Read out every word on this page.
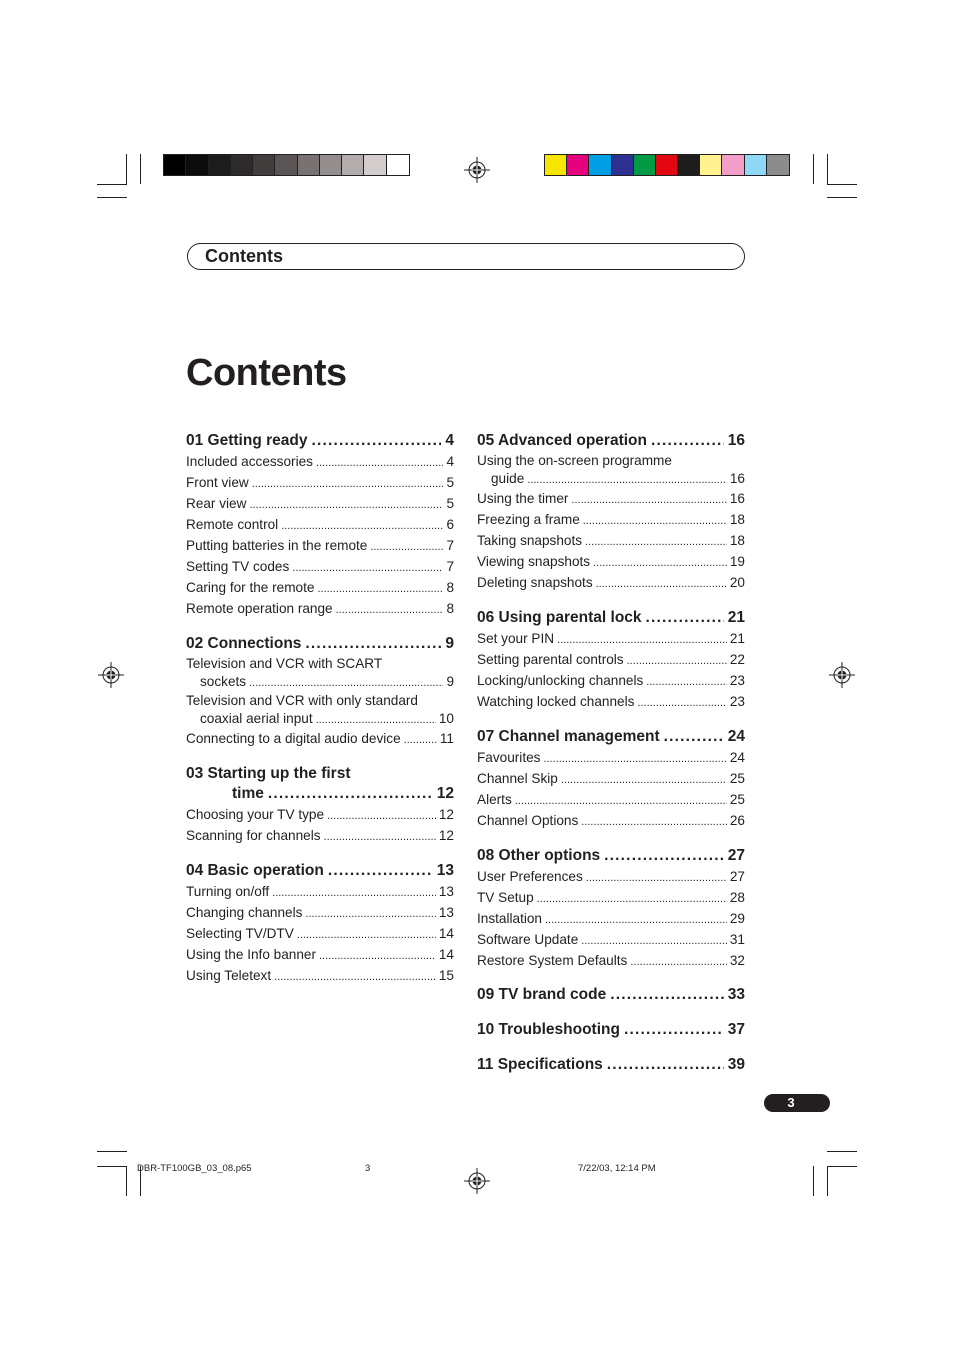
Contents
Contents
01 Getting ready .....	4
Included accessories .....	4
Front view .....	5
Rear view .....	5
Remote control .....	6
Putting batteries in the remote .....	7
Setting TV codes .....	7
Caring for the remote .....	8
Remote operation range .....	8
02 Connections .....	9
Television and VCR with SCART
sockets .....	9
Television and VCR with only standard
coaxial aerial input .....	10
Connecting to a digital audio device .....	11
03 Starting up the first
time .....	12
Choosing your TV type .....	12
Scanning for channels .....	12
04 Basic operation .....	13
Turning on/off .....	13
Changing channels .....	13
Selecting TV/DTV .....	14
Using the Info banner .....	14
Using Teletext .....	15
05 Advanced operation .....	16
Using the on-screen programme
guide .....	16
Using the timer .....	16
Freezing a frame .....	18
Taking snapshots .....	18
Viewing snapshots .....	19
Deleting snapshots .....	20
06 Using parental lock .....	21
Set your PIN .....	21
Setting parental controls .....	22
Locking/unlocking channels .....	23
Watching locked channels .....	23
07 Channel management .....	24
Favourites .....	24
Channel Skip .....	25
Alerts .....	25
Channel Options .....	26
08 Other options .....	27
User Preferences .....	27
TV Setup .....	28
Installation .....	29
Software Update .....	31
Restore System Defaults .....	32
09 TV brand code .....	33
10 Troubleshooting .....	37
11 Specifications .....	39
3
DBR-TF100GB_03_08.p65	3	7/22/03, 12:14 PM
